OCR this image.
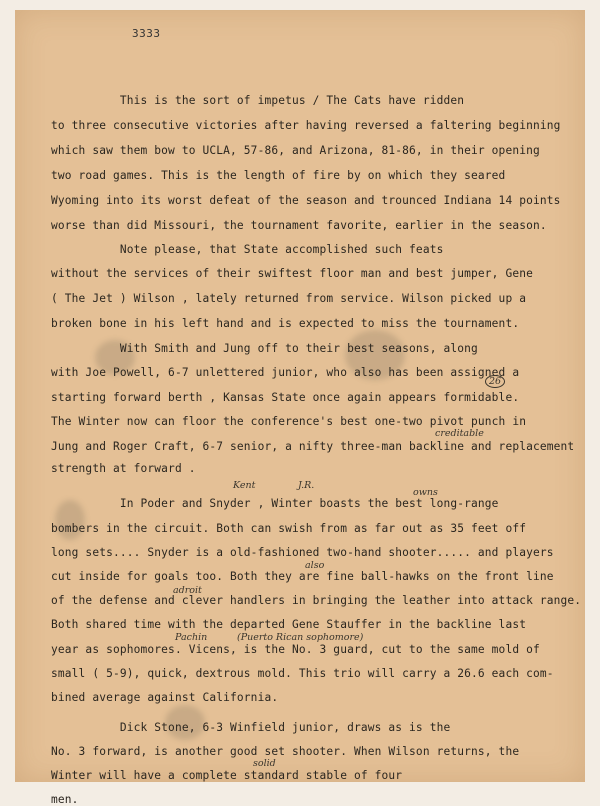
3333
This is the sort of impetus / The Cats have ridden
to three consecutive victories after having reversed a faltering beginning
which saw them bow to UCLA, 57-86, and Arizona, 81-86, in their opening
two road games. This is the length of fire by on which they seared
Wyoming into its worst defeat of the season and trounced Indiana 14 points
worse than did Missouri, the tournament favorite, earlier in the season.
Note please, that State accomplished such feats
without the services of their swiftest floor man and best jumper, Gene
( The Jet ) Wilson , lately returned from service. Wilson picked up a
broken bone in his left hand and is expected to miss the tournament.
With Smith and Jung off to their best seasons, along
with Joe Powell, 6-7 unlettered junior, who also has been assigned a
starting forward berth , Kansas State once again appears formidable.
The Winter now can floor the conference's best one-two pivot punch in
Jung and Roger Craft, 6-7 senior, a nifty three-man backline and replacement
strength at forward .
In Poder and Snyder , Winter boasts the best long-range
bombers in the circuit. Both can swish from as far out as 35 feet off
long sets.... Snyder is a old-fashioned two-hand shooter..... and players
cut inside for goals too. Both they are fine ball-hawks on the front line
of the defense and clever handlers in bringing the leather into attack range.
Both shared time with the departed Gene Stauffer in the backline last
year as sophomores. Vicens, is the No. 3 guard, cut to the same mold of
small ( 5-9), quick, dextrous mold. This trio will carry a 26.6 each com-
bined average against California.
Dick Stone, 6-3 Winfield junior, draws as is the
No. 3 forward, is another good set shooter. When Wilson returns, the
Winter will have a complete standard stable of four
men.
26
creditable
Kent	J.R.
owns
also
adroit
Pachin	(Puerto Rican sophomore)
solid
